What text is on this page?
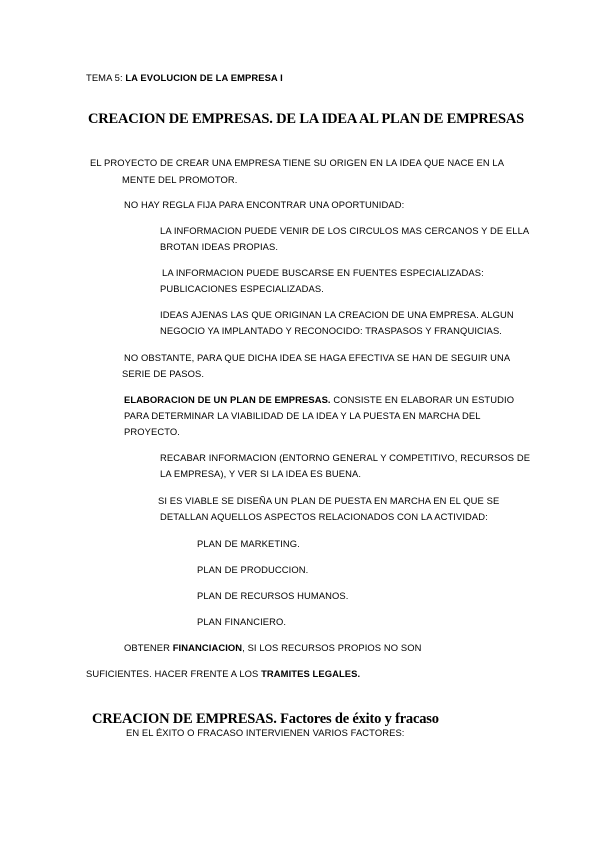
TEMA 5: LA EVOLUCION DE LA EMPRESA I
CREACION DE EMPRESAS. DE LA IDEA AL PLAN DE EMPRESAS
EL PROYECTO DE CREAR UNA EMPRESA TIENE SU ORIGEN EN LA IDEA QUE NACE EN LA
MENTE DEL PROMOTOR.
NO HAY REGLA FIJA PARA ENCONTRAR UNA OPORTUNIDAD:
LA INFORMACION PUEDE VENIR DE LOS CIRCULOS MAS CERCANOS Y DE ELLA
BROTAN IDEAS PROPIAS.
LA INFORMACION PUEDE BUSCARSE EN FUENTES ESPECIALIZADAS:
PUBLICACIONES ESPECIALIZADAS.
IDEAS AJENAS LAS QUE ORIGINAN LA CREACION DE UNA EMPRESA. ALGUN
NEGOCIO YA IMPLANTADO Y RECONOCIDO: TRASPASOS Y FRANQUICIAS.
NO OBSTANTE, PARA QUE DICHA IDEA SE HAGA EFECTIVA SE HAN DE SEGUIR UNA
SERIE DE PASOS.
ELABORACION DE UN PLAN DE EMPRESAS. CONSISTE EN ELABORAR UN ESTUDIO
PARA DETERMINAR LA VIABILIDAD DE LA IDEA Y LA PUESTA EN MARCHA DEL
PROYECTO.
RECABAR INFORMACION (ENTORNO GENERAL Y COMPETITIVO, RECURSOS DE
LA EMPRESA), Y VER SI LA IDEA ES BUENA.
SI ES VIABLE SE DISEÑA UN PLAN DE PUESTA EN MARCHA EN EL QUE SE
DETALLAN AQUELLOS ASPECTOS RELACIONADOS CON LA ACTIVIDAD:
PLAN DE MARKETING.
PLAN DE PRODUCCION.
PLAN DE RECURSOS HUMANOS.
PLAN FINANCIERO.
OBTENER FINANCIACION, SI LOS RECURSOS PROPIOS NO SON
SUFICIENTES. HACER FRENTE A LOS TRAMITES LEGALES.
CREACION DE EMPRESAS. Factores de éxito y fracaso
EN EL ÉXITO O FRACASO INTERVIENEN VARIOS FACTORES:
